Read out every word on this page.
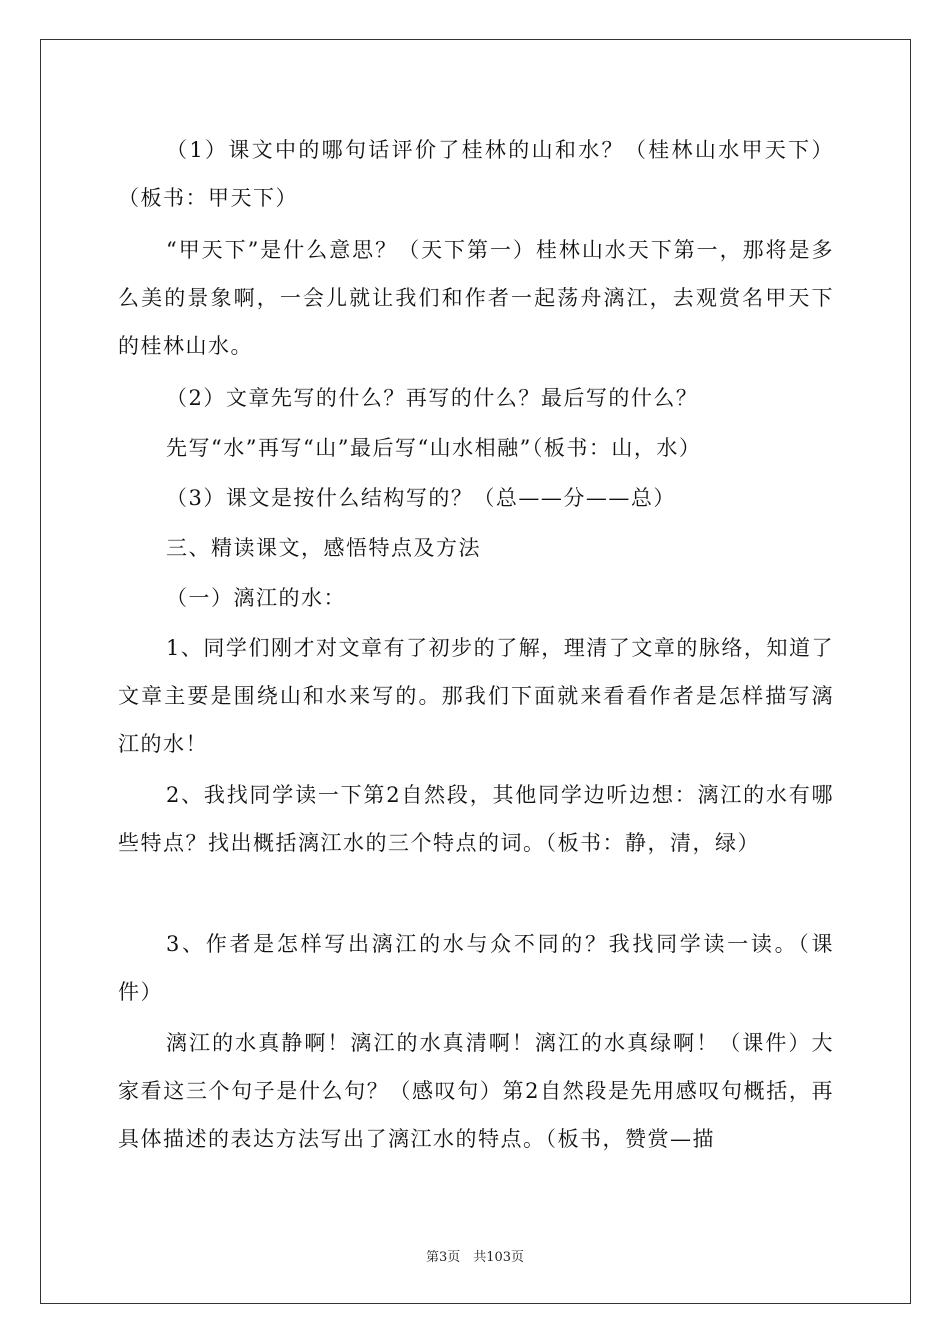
（1）课文中的哪句话评价了桂林的山和水？（桂林山水甲天下）（板书：甲天下）

“甲天下”是什么意思？（天下第一）桂林山水天下第一，那将是多么美的景象啊，一会儿就让我们和作者一起荡舟漓江，去观赏名甲天下的桂林山水。

（2）文章先写的什么？再写的什么？最后写的什么？

先写“水”再写“山”最后写“山水相融”（板书：山，水）

（3）课文是按什么结构写的？（总——分——总）

三、精读课文，感悟特点及方法

（一）漓江的水：

1、同学们刚才对文章有了初步的了解，理清了文章的脉络，知道了文章主要是围绕山和水来写的。那我们下面就来看看作者是怎样描写漓江的水！

2、我找同学读一下第2自然段，其他同学边听边想：漓江的水有哪些特点？找出概括漓江水的三个特点的词。（板书：静，清，绿）

3、作者是怎样写出漓江的水与众不同的？我找同学读一读。（课件）

漓江的水真静啊！漓江的水真清啊！漓江的水真绿啊！（课件）大家看这三个句子是什么句？（感叹句）第2自然段是先用感叹句概括，再具体描述的表达方法写出了漓江水的特点。（板书，赞赏—描

第3页　共103页
